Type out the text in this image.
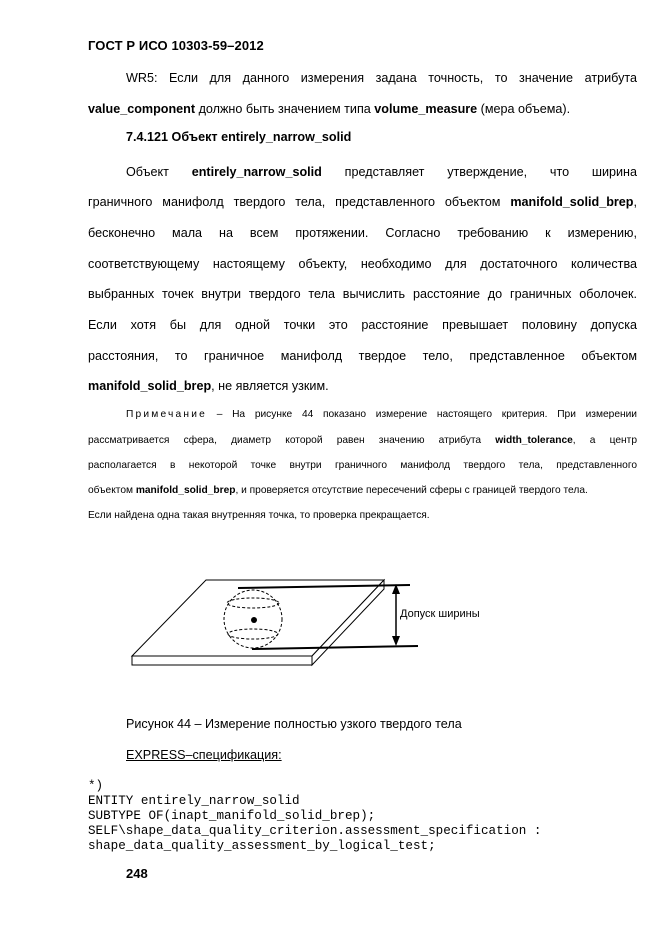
ГОСТ Р ИСО 10303-59–2012
WR5: Если для данного измерения задана точность, то значение атрибута
value_component должно быть значением типа volume_measure (мера объема).
7.4.121 Объект entirely_narrow_solid
Объект entirely_narrow_solid представляет утверждение, что ширина
граничного манифолд твердого тела, представленного объектом manifold_solid_brep,
бесконечно мала на всем протяжении. Согласно требованию к измерению,
соответствующему настоящему объекту, необходимо для достаточного количества
выбранных точек внутри твердого тела вычислить расстояние до граничных оболочек.
Если хотя бы для одной точки это расстояние превышает половину допуска
расстояния, то граничное манифолд твердое тело, представленное объектом
manifold_solid_brep, не является узким.
Примечание – На рисунке 44 показано измерение настоящего критерия. При измерении
рассматривается сфера, диаметр которой равен значению атрибута width_tolerance, а центр
располагается в некоторой точке внутри граничного манифолд твердого тела, представленного
объектом manifold_solid_brep, и проверяется отсутствие пересечений сферы с границей твердого тела.
Если найдена одна такая внутренняя точка, то проверка прекращается.
Допуск ширины
Рисунок 44 – Измерение полностью узкого твердого тела
EXPRESS–спецификация:
*)
ENTITY entirely_narrow_solid
SUBTYPE OF(inapt_manifold_solid_brep);
SELF\shape_data_quality_criterion.assessment_specification :
shape_data_quality_assessment_by_logical_test;
248
